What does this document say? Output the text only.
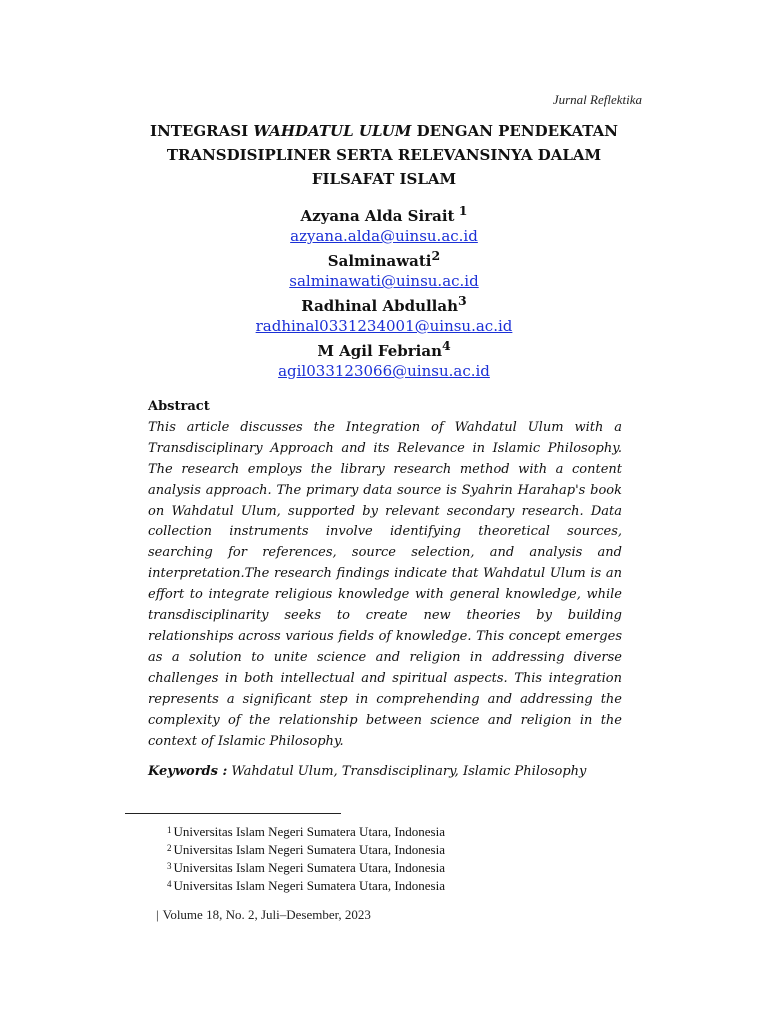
Jurnal Reflektika
INTEGRASI WAHDATUL ULUM DENGAN PENDEKATAN TRANSDISIPLINER SERTA RELEVANSINYA DALAM FILSAFAT ISLAM
Azyana Alda Sirait $^1$
azyana.alda@uinsu.ac.id
Salminawati$^2$
salminawati@uinsu.ac.id
Radhinal Abdullah$^3$
radhinal0331234001@uinsu.ac.id
M Agil Febrian$^4$
agil033123066@uinsu.ac.id
Abstract

This article discusses the Integration of Wahdatul Ulum with a Transdisciplinary Approach and its Relevance in Islamic Philosophy. The research employs the library research method with a content analysis approach. The primary data source is Syahrin Harahap's book on Wahdatul Ulum, supported by relevant secondary research. Data collection instruments involve identifying theoretical sources, searching for references, source selection, and analysis and interpretation.The research findings indicate that Wahdatul Ulum is an effort to integrate religious knowledge with general knowledge, while transdisciplinarity seeks to create new theories by building relationships across various fields of knowledge. This concept emerges as a solution to unite science and religion in addressing diverse challenges in both intellectual and spiritual aspects. This integration represents a significant step in comprehending and addressing the complexity of the relationship between science and religion in the context of Islamic Philosophy.

Keywords : Wahdatul Ulum, Transdisciplinary, Islamic Philosophy
$^1$ Universitas Islam Negeri Sumatera Utara, Indonesia
$^2$ Universitas Islam Negeri Sumatera Utara, Indonesia
$^3$ Universitas Islam Negeri Sumatera Utara, Indonesia
$^4$ Universitas Islam Negeri Sumatera Utara, Indonesia
| Volume 18, No. 2, Juli–Desember, 2023
